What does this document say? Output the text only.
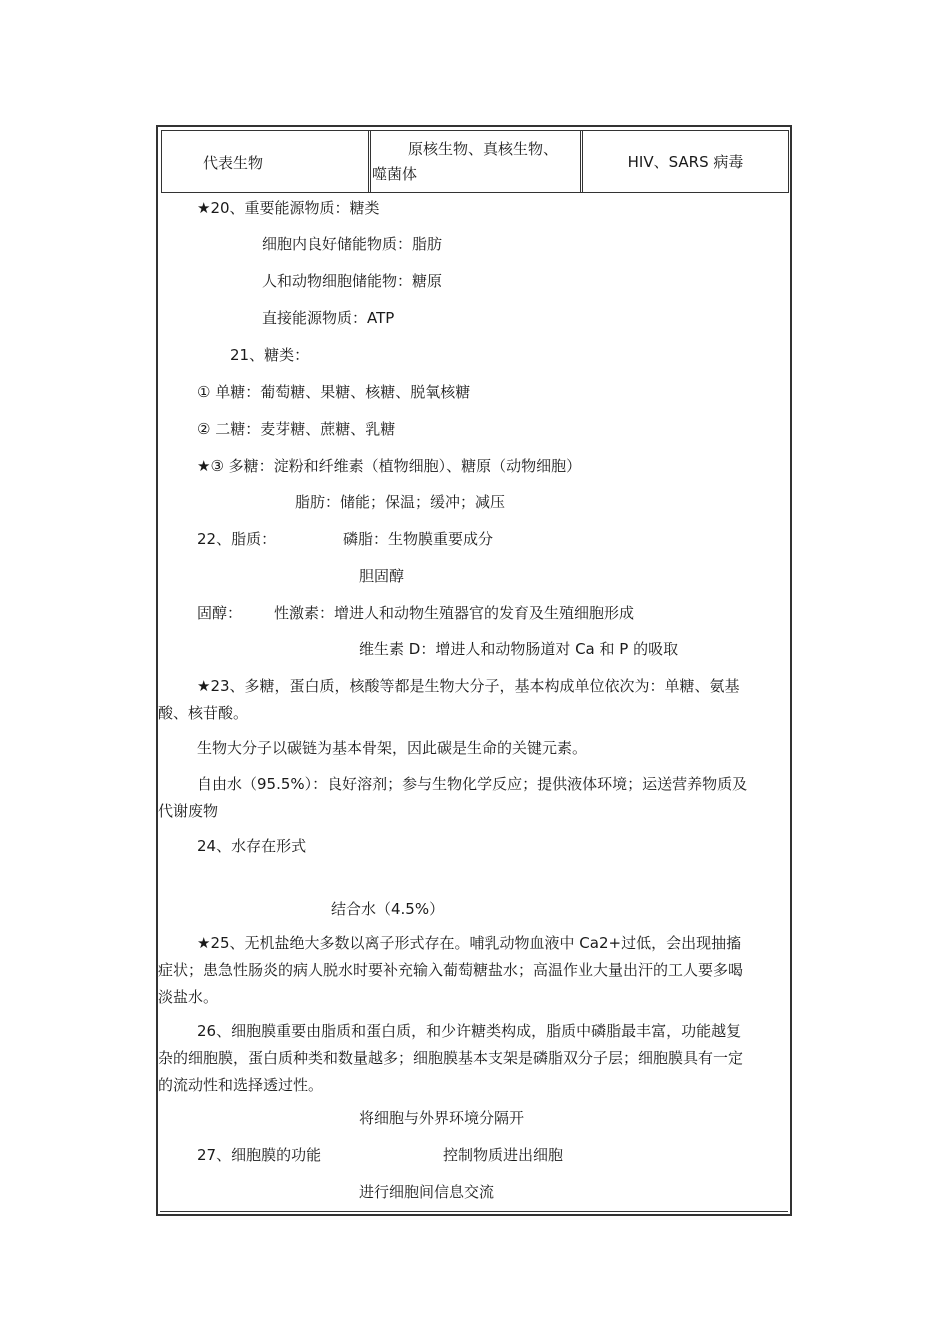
代表生物
原核生物、真核生物、
噬菌体
HIV、SARS 病毒
★20、重要能源物质：糖类
细胞内良好储能物质：脂肪
人和动物细胞储能物：糖原
直接能源物质：ATP
21、糖类：
① 单糖：葡萄糖、果糖、核糖、脱氧核糖
② 二糖：麦芽糖、蔗糖、乳糖
★③ 多糖：淀粉和纤维素（植物细胞）、糖原（动物细胞）
脂肪：储能；保温；缓冲；减压
22、脂质：	磷脂：生物膜重要成分
胆固醇
固醇： 性激素：增进人和动物生殖器官的发育及生殖细胞形成
维生素 D：增进人和动物肠道对 Ca 和 P 的吸取
★23、多糖，蛋白质，核酸等都是生物大分子，基本构成单位依次为：单糖、氨基酸、核苷酸。
生物大分子以碳链为基本骨架，因此碳是生命的关键元素。
自由水（95.5%）：良好溶剂；参与生物化学反应；提供液体环境；运送营养物质及代谢废物
24、水存在形式
结合水（4.5%）
★25、无机盐绝大多数以离子形式存在。哺乳动物血液中 Ca2+过低，会出现抽搐症状；患急性肠炎的病人脱水时要补充输入葡萄糖盐水；高温作业大量出汗的工人要多喝淡盐水。
26、细胞膜重要由脂质和蛋白质，和少许糖类构成，脂质中磷脂最丰富，功能越复杂的细胞膜，蛋白质种类和数量越多；细胞膜基本支架是磷脂双分子层；细胞膜具有一定的流动性和选择透过性。
将细胞与外界环境分隔开
27、细胞膜的功能	控制物质进出细胞
进行细胞间信息交流
